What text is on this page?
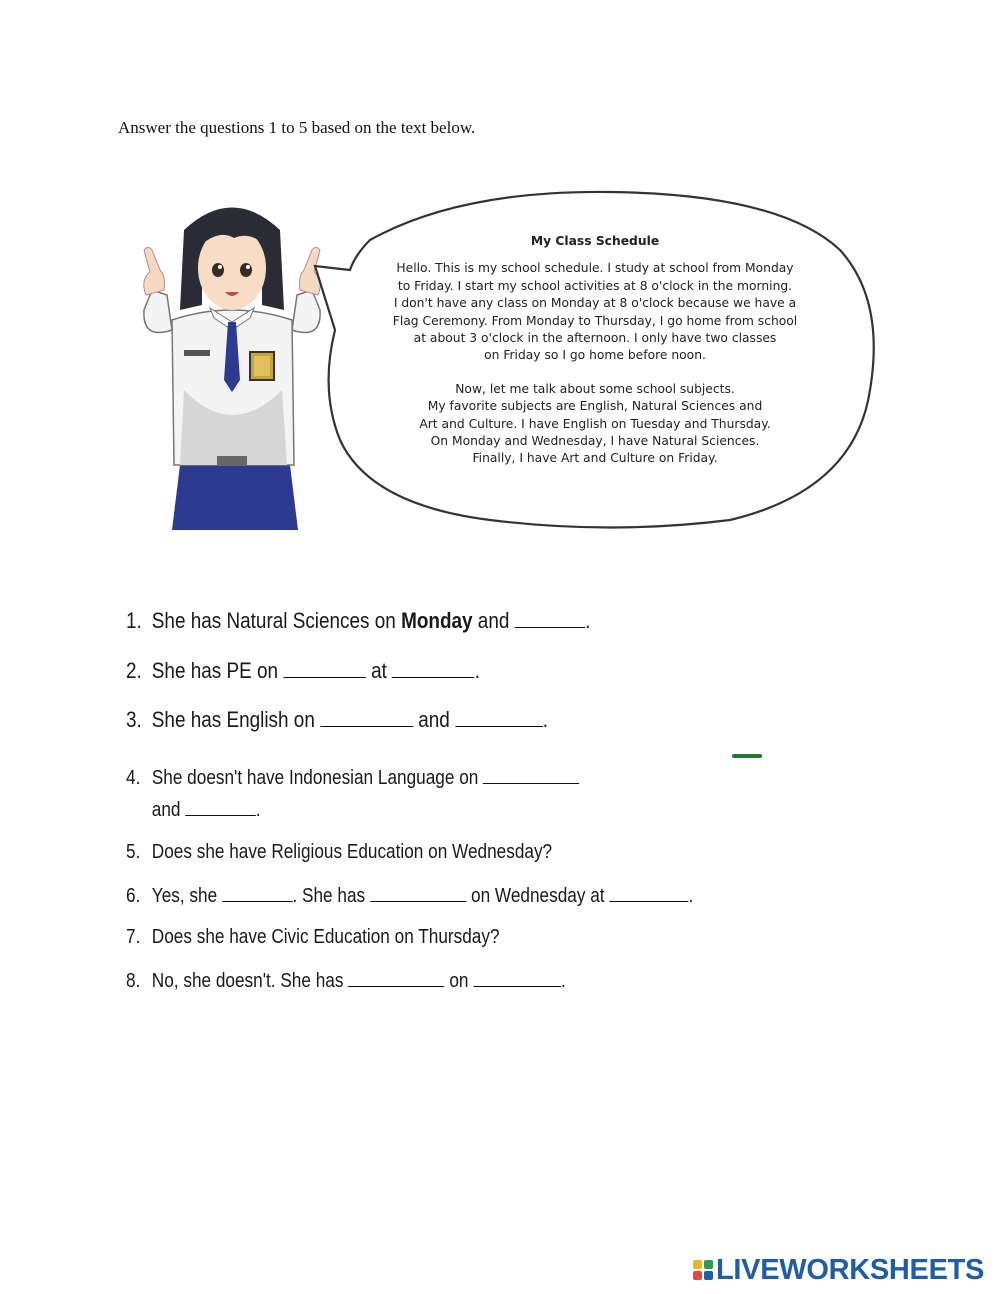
Answer the questions 1 to 5 based on the text below.
My Class Schedule
Hello. This is my school schedule. I study at school from Monday
to Friday. I start my school activities at 8 o'clock in the morning.
I don't have any class on Monday at 8 o'clock because we have a
Flag Ceremony. From Monday to Thursday, I go home from school
at about 3 o'clock in the afternoon. I only have two classes
on Friday so I go home before noon.
Now, let me talk about some school subjects.
My favorite subjects are English, Natural Sciences and
Art and Culture. I have English on Tuesday and Thursday.
On Monday and Wednesday, I have Natural Sciences.
Finally, I have Art and Culture on Friday.
1. She has Natural Sciences on Monday and	.
2. She has PE on	at	.
3. She has English on	and	.
4. She doesn't have Indonesian Language on
and	.
5. Does she have Religious Education on Wednesday?
6. Yes, she	. She has	on Wednesday at	.
7. Does she have Civic Education on Thursday?
8. No, she doesn't. She has	on	.
LIVEWORKSHEETS
